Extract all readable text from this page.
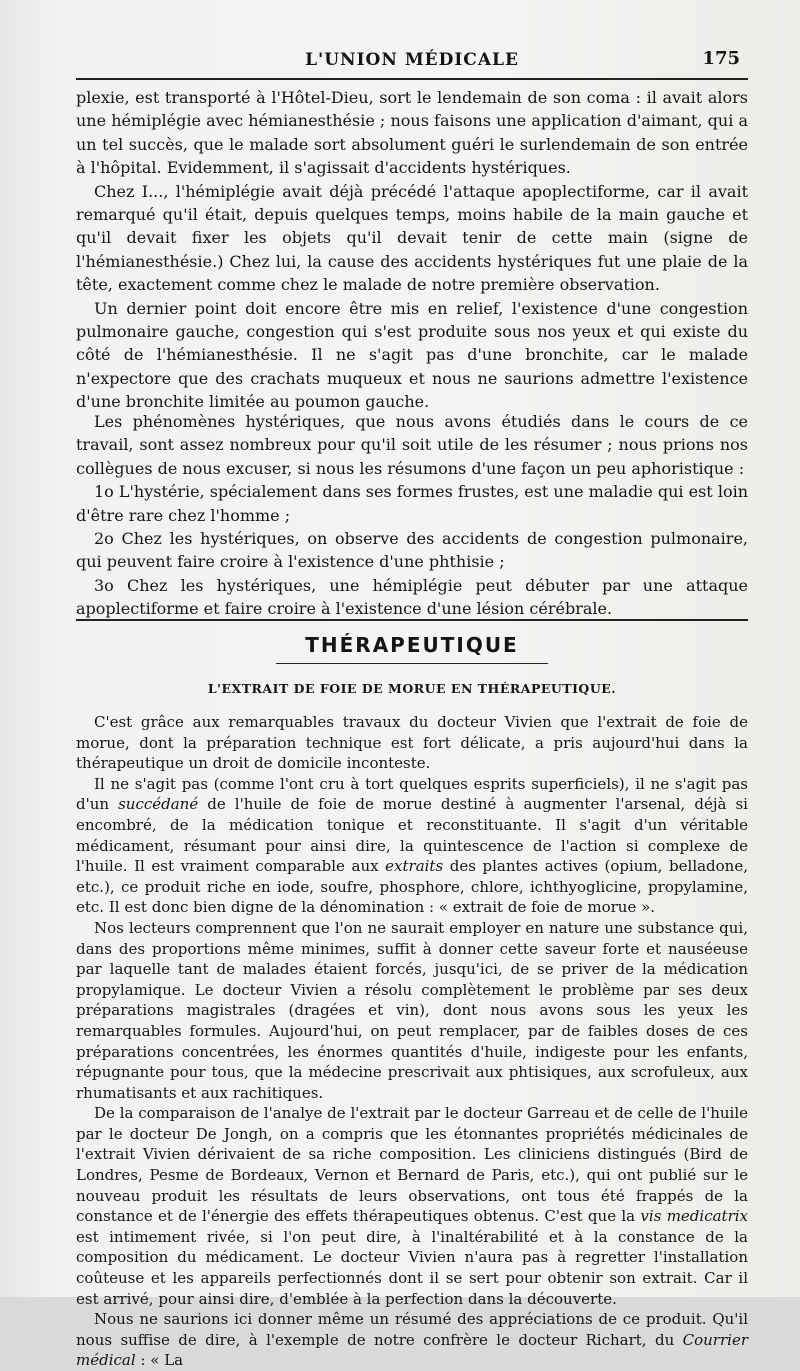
L'UNION MÉDICALE	175

plexie, est transporté à l'Hôtel-Dieu, sort le lendemain de son coma : il avait alors une hémiplégie avec hémianesthésie ; nous faisons une application d'aimant, qui a un tel succès, que le malade sort absolument guéri le surlendemain de son entrée à l'hôpital. Evidemment, il s'agissait d'accidents hystériques.

Chez I..., l'hémiplégie avait déjà précédé l'attaque apoplectiforme, car il avait remarqué qu'il était, depuis quelques temps, moins habile de la main gauche et qu'il devait fixer les objets qu'il devait tenir de cette main (signe de l'hémianesthésie.) Chez lui, la cause des accidents hystériques fut une plaie de la tête, exactement comme chez le malade de notre première observation.

Un dernier point doit encore être mis en relief, l'existence d'une congestion pulmonaire gauche, congestion qui s'est produite sous nos yeux et qui existe du côté de l'hémianesthésie. Il ne s'agit pas d'une bronchite, car le malade n'expectore que des crachats muqueux et nous ne saurions admettre l'existence d'une bronchite limitée au poumon gauche.

Les phénomènes hystériques, que nous avons étudiés dans le cours de ce travail, sont assez nombreux pour qu'il soit utile de les résumer ; nous prions nos collègues de nous excuser, si nous les résumons d'une façon un peu aphoristique :

1o L'hystérie, spécialement dans ses formes frustes, est une maladie qui est loin d'être rare chez l'homme ;

2o Chez les hystériques, on observe des accidents de congestion pulmonaire, qui peuvent faire croire à l'existence d'une phthisie ;

3o Chez les hystériques, une hémiplégie peut débuter par une attaque apoplectiforme et faire croire à l'existence d'une lésion cérébrale.

THÉRAPEUTIQUE
L'EXTRAIT DE FOIE DE MORUE EN THÉRAPEUTIQUE.

C'est grâce aux remarquables travaux du docteur Vivien que l'extrait de foie de morue, dont la préparation technique est fort délicate, a pris aujourd'hui dans la thérapeutique un droit de domicile inconteste.

Il ne s'agit pas (comme l'ont cru à tort quelques esprits superficiels), il ne s'agit pas d'un succédané de l'huile de foie de morue destiné à augmenter l'arsenal, déjà si encombré, de la médication tonique et reconstituante. Il s'agit d'un véritable médicament, résumant pour ainsi dire, la quintescence de l'action si complexe de l'huile. Il est vraiment comparable aux extraits des plantes actives (opium, belladone, etc.), ce produit riche en iode, soufre, phosphore, chlore, ichthyoglicine, propylamine, etc. Il est donc bien digne de la dénomination : « extrait de foie de morue ».

Nos lecteurs comprennent que l'on ne saurait employer en nature une substance qui, dans des proportions même minimes, suffit à donner cette saveur forte et nauséeuse par laquelle tant de malades étaient forcés, jusqu'ici, de se priver de la médication propylamique. Le docteur Vivien a résolu complètement le problème par ses deux préparations magistrales (dragées et vin), dont nous avons sous les yeux les remarquables formules. Aujourd'hui, on peut remplacer, par de faibles doses de ces préparations concentrées, les énormes quantités d'huile, indigeste pour les enfants, répugnante pour tous, que la médecine prescrivait aux phtisiques, aux scrofuleux, aux rhumatisants et aux rachitiques.

De la comparaison de l'analye de l'extrait par le docteur Garreau et de celle de l'huile par le docteur De Jongh, on a compris que les étonnantes propriétés médicinales de l'extrait Vivien dérivaient de sa riche composition. Les cliniciens distingués (Bird de Londres, Pesme de Bordeaux, Vernon et Bernard de Paris, etc.), qui ont publié sur le nouveau produit les résultats de leurs observations, ont tous été frappés de la constance et de l'énergie des effets thérapeutiques obtenus. C'est que la vis medicatrix est intimement rivée, si l'on peut dire, à l'inaltérabilité et à la constance de la composition du médicament. Le docteur Vivien n'aura pas à regretter l'installation coûteuse et les appareils perfectionnés dont il se sert pour obtenir son extrait. Car il est arrivé, pour ainsi dire, d'emblée à la perfection dans la découverte.

Nous ne saurions ici donner même un résumé des appréciations de ce produit. Qu'il nous suffise de dire, à l'exemple de notre confrère le docteur Richart, du Courrier médical : « La
